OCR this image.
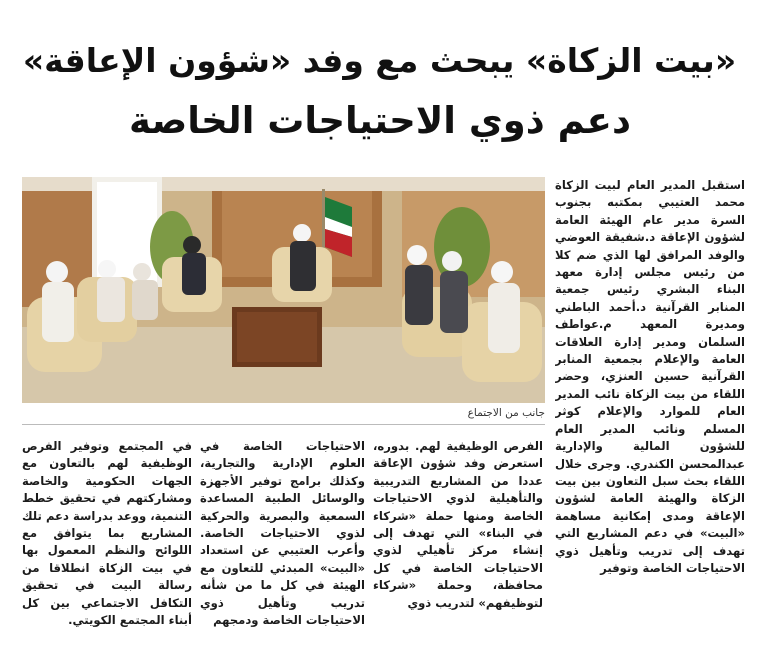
«بيت الزكاة» يبحث مع وفد «شؤون الإعاقة»
دعم ذوي الاحتياجات الخاصة

استقبل المدير العام لبيت الزكاة محمد العتيبي بمكتبه بجنوب السرة مدير عام الهيئة العامة لشؤون الإعاقة د.شفيقة العوضي والوفد المرافق لها الذي ضم كلا من رئيس مجلس إدارة معهد البناء البشري رئيس جمعية المنابر القرآنية د.أحمد الباطني ومديرة المعهد م.عواطف السلمان ومدير إدارة العلاقات العامة والإعلام بجمعية المنابر القرآنية حسين العنزي، وحضر اللقاء من بيت الزكاة نائب المدير العام للموارد والإعلام كوثر المسلم ونائب المدير العام للشؤون المالية والإدارية عبدالمحسن الكندري. وجرى خلال اللقاء بحث سبل التعاون بين بيت الزكاة والهيئة العامة لشؤون الإعاقة ومدى إمكانية مساهمة «البيت» في دعم المشاريع التي تهدف إلى تدريب وتأهيل ذوي الاحتياجات الخاصة وتوفير

جانب من الاجتماع

الفرص الوظيفية لهم. بدوره، استعرض وفد شؤون الإعاقة عددا من المشاريع التدريبية والتأهيلية لذوي الاحتياجات الخاصة ومنها حملة «شركاء في البناء» التي تهدف إلى إنشاء مركز تأهيلي لذوي الاحتياجات الخاصة في كل محافظة، وحملة «شركاء لتوظيفهم» لتدريب ذوي

الاحتياجات الخاصة في العلوم الإدارية والتجارية، وكذلك برامج توفير الأجهزة والوسائل الطبية المساعدة السمعية والبصرية والحركية لذوي الاحتياجات الخاصة. وأعرب العتيبي عن استعداد «البيت» المبدئي للتعاون مع الهيئة في كل ما من شأنه تدريب وتأهيل ذوي الاحتياجات الخاصة ودمجهم

في المجتمع وتوفير الفرص الوظيفية لهم بالتعاون مع الجهات الحكومية والخاصة ومشاركتهم في تحقيق خطط التنمية، ووعد بدراسة دعم تلك المشاريع بما يتوافق مع اللوائح والنظم المعمول بها في بيت الزكاة انطلاقا من رسالة البيت في تحقيق التكافل الاجتماعي بين كل أبناء المجتمع الكويتي.
